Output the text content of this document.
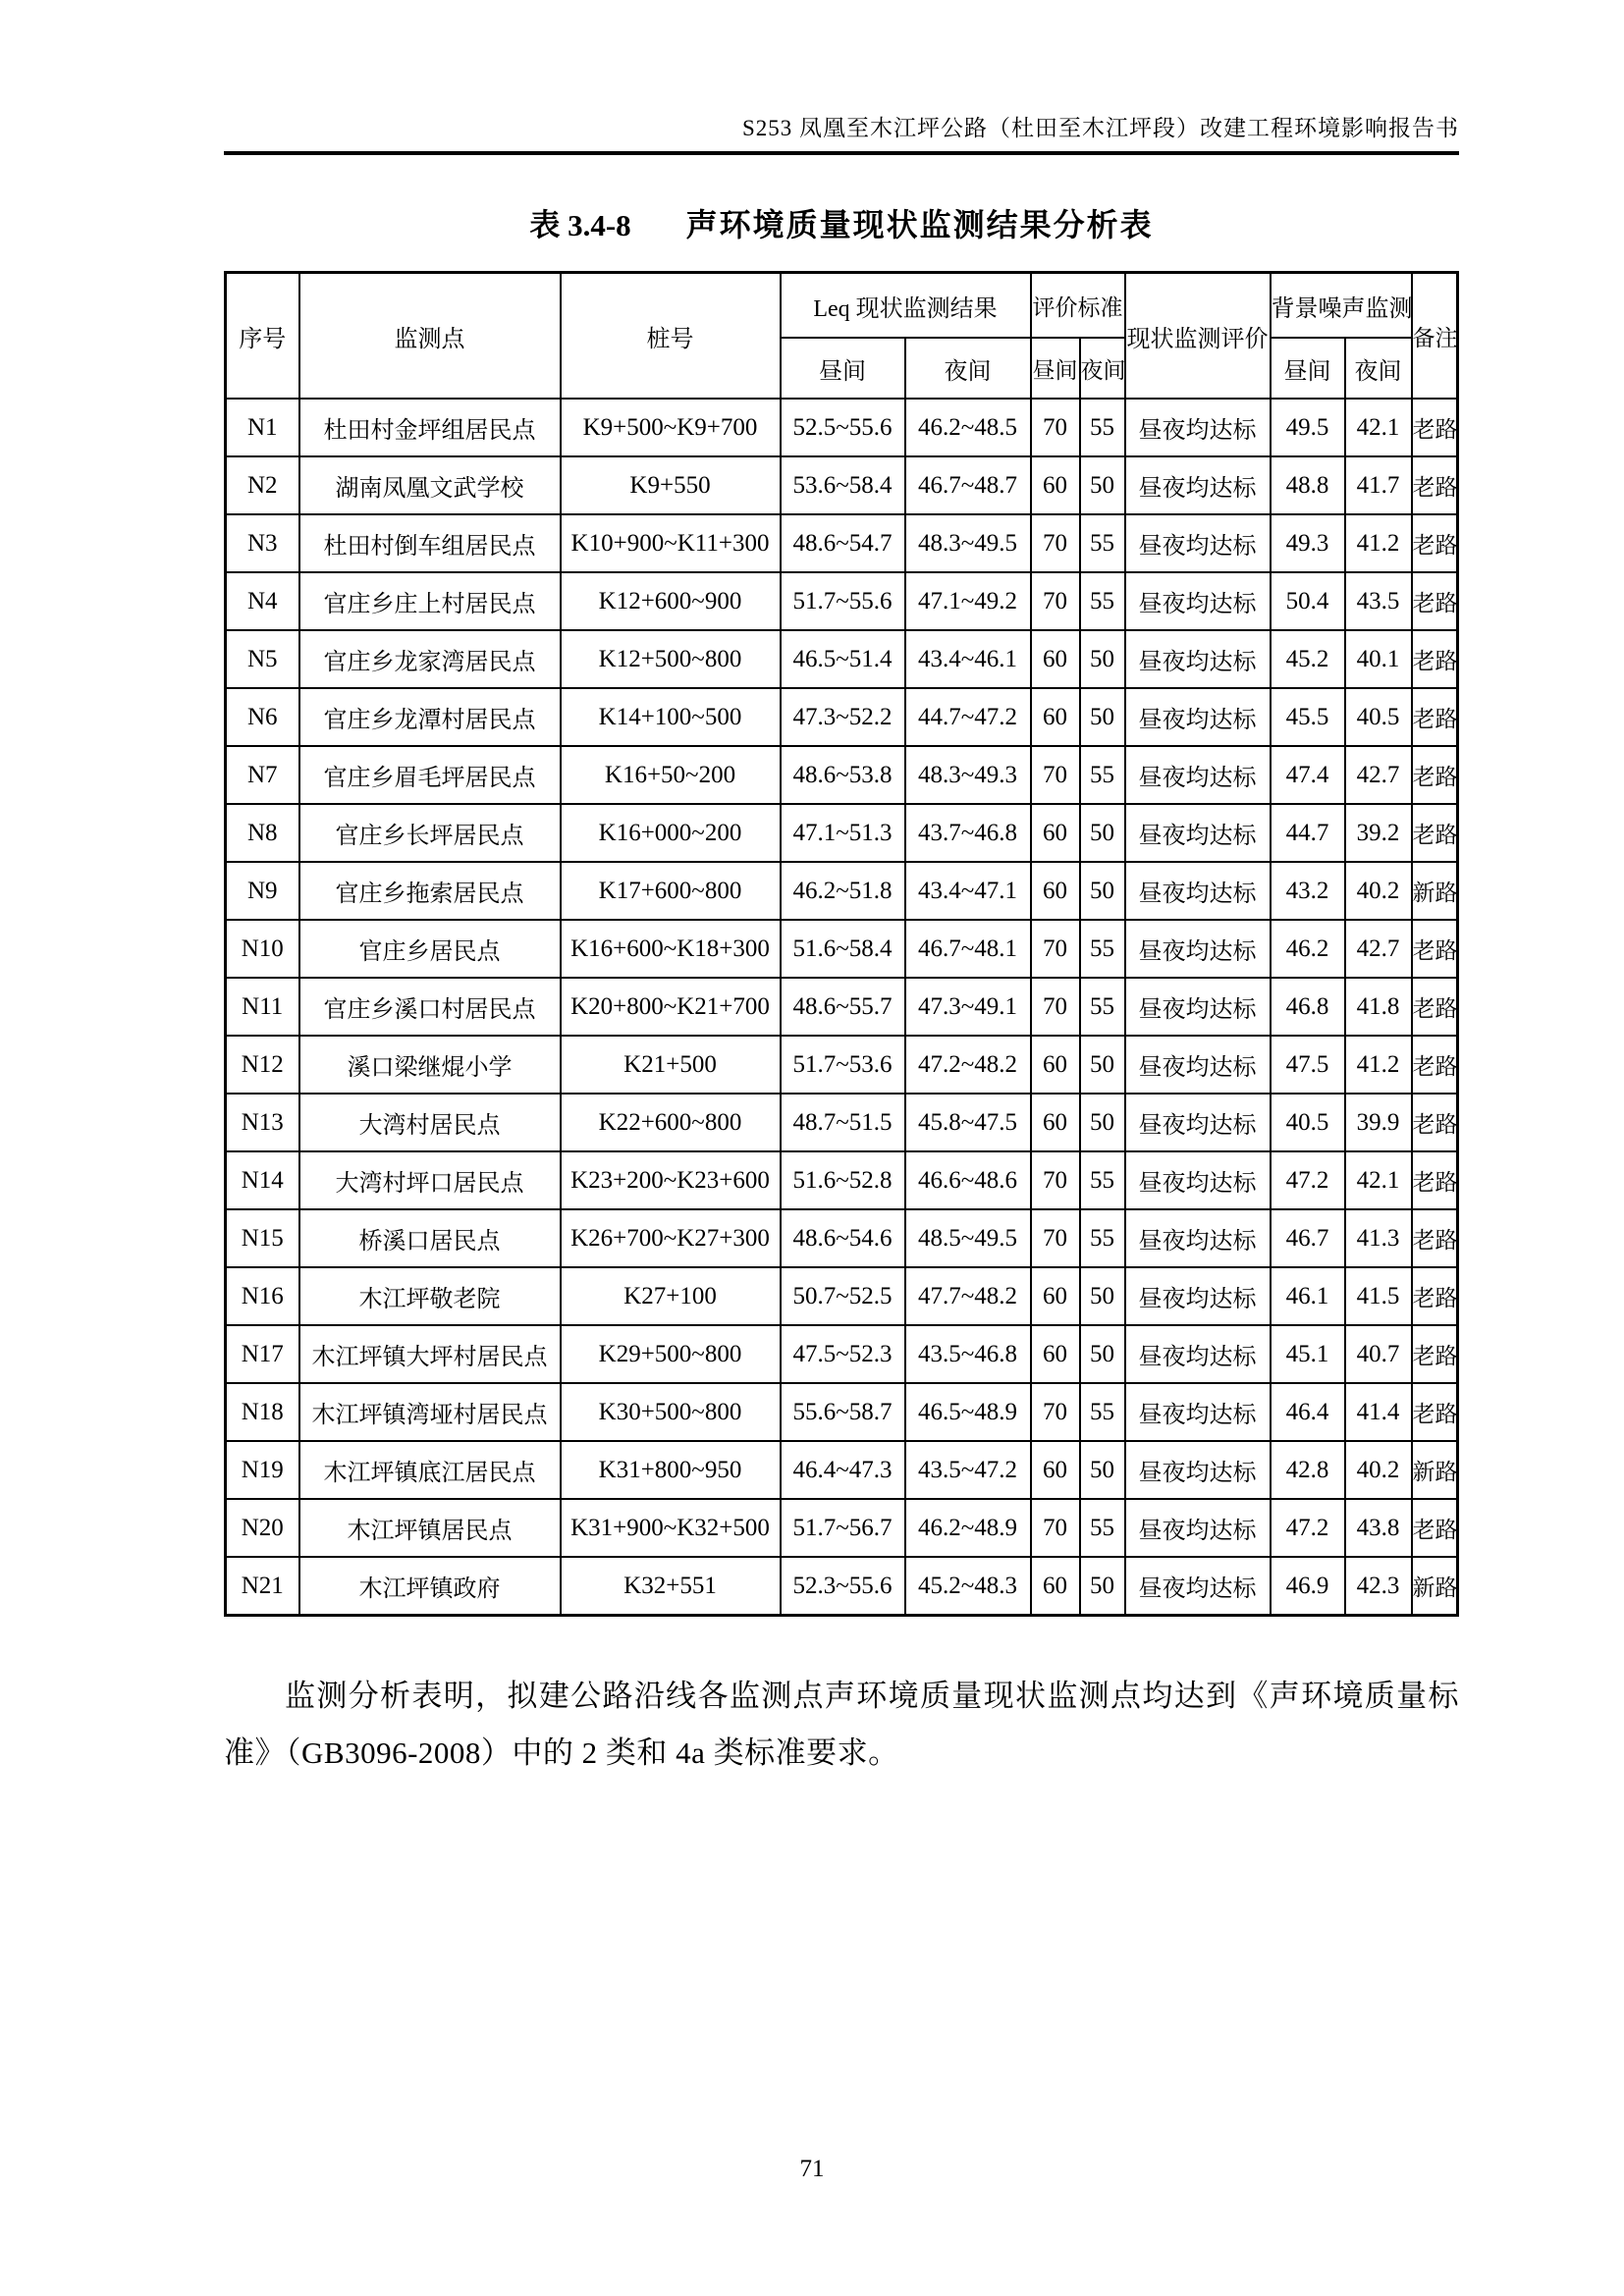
S253 凤凰至木江坪公路（杜田至木江坪段）改建工程环境影响报告书
表 3.4-8 声环境质量现状监测结果分析表
序号	监测点	桩号	Leq 现状监测结果		评价标准		现状监测评价	背景噪声监测		备注
			昼间	夜间	昼间	夜间		昼间	夜间	
N1	杜田村金坪组居民点	K9+500~K9+700	52.5~55.6	46.2~48.5	70	55	昼夜均达标	49.5	42.1	老路
N2	湖南凤凰文武学校	K9+550	53.6~58.4	46.7~48.7	60	50	昼夜均达标	48.8	41.7	老路
N3	杜田村倒车组居民点	K10+900~K11+300	48.6~54.7	48.3~49.5	70	55	昼夜均达标	49.3	41.2	老路
N4	官庄乡庄上村居民点	K12+600~900	51.7~55.6	47.1~49.2	70	55	昼夜均达标	50.4	43.5	老路
N5	官庄乡龙家湾居民点	K12+500~800	46.5~51.4	43.4~46.1	60	50	昼夜均达标	45.2	40.1	老路
N6	官庄乡龙潭村居民点	K14+100~500	47.3~52.2	44.7~47.2	60	50	昼夜均达标	45.5	40.5	老路
N7	官庄乡眉毛坪居民点	K16+50~200	48.6~53.8	48.3~49.3	70	55	昼夜均达标	47.4	42.7	老路
N8	官庄乡长坪居民点	K16+000~200	47.1~51.3	43.7~46.8	60	50	昼夜均达标	44.7	39.2	老路
N9	官庄乡拖索居民点	K17+600~800	46.2~51.8	43.4~47.1	60	50	昼夜均达标	43.2	40.2	新路
N10	官庄乡居民点	K16+600~K18+300	51.6~58.4	46.7~48.1	70	55	昼夜均达标	46.2	42.7	老路
N11	官庄乡溪口村居民点	K20+800~K21+700	48.6~55.7	47.3~49.1	70	55	昼夜均达标	46.8	41.8	老路
N12	溪口梁继焜小学	K21+500	51.7~53.6	47.2~48.2	60	50	昼夜均达标	47.5	41.2	老路
N13	大湾村居民点	K22+600~800	48.7~51.5	45.8~47.5	60	50	昼夜均达标	40.5	39.9	老路
N14	大湾村坪口居民点	K23+200~K23+600	51.6~52.8	46.6~48.6	70	55	昼夜均达标	47.2	42.1	老路
N15	桥溪口居民点	K26+700~K27+300	48.6~54.6	48.5~49.5	70	55	昼夜均达标	46.7	41.3	老路
N16	木江坪敬老院	K27+100	50.7~52.5	47.7~48.2	60	50	昼夜均达标	46.1	41.5	老路
N17	木江坪镇大坪村居民点	K29+500~800	47.5~52.3	43.5~46.8	60	50	昼夜均达标	45.1	40.7	老路
N18	木江坪镇湾垭村居民点	K30+500~800	55.6~58.7	46.5~48.9	70	55	昼夜均达标	46.4	41.4	老路
N19	木江坪镇底江居民点	K31+800~950	46.4~47.3	43.5~47.2	60	50	昼夜均达标	42.8	40.2	新路
N20	木江坪镇居民点	K31+900~K32+500	51.7~56.7	46.2~48.9	70	55	昼夜均达标	47.2	43.8	老路
N21	木江坪镇政府	K32+551	52.3~55.6	45.2~48.3	60	50	昼夜均达标	46.9	42.3	新路
监测分析表明，拟建公路沿线各监测点声环境质量现状监测点均达到《声环境质量标准》（GB3096-2008）中的 2 类和 4a 类标准要求。
71
